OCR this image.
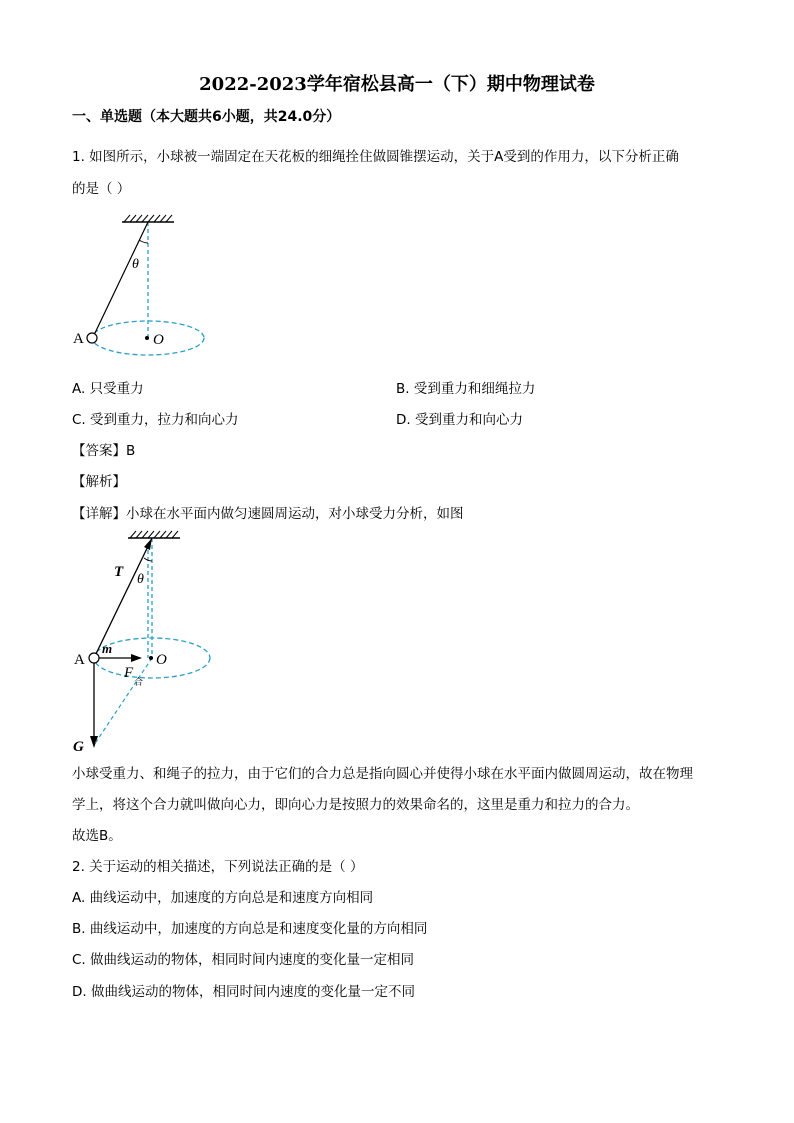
2022-2023学年宿松县高一（下）期中物理试卷
一、单选题（本大题共6小题，共24.0分）
1. 如图所示，小球被一端固定在天花板的细绳拴住做圆锥摆运动，关于A受到的作用力，以下分析正确
的是（ ）
θ
A	O
A. 只受重力	B. 受到重力和细绳拉力
C. 受到重力，拉力和向心力	D. 受到重力和向心力
【答案】B
【解析】
【详解】小球在水平面内做匀速圆周运动，对小球受力分析，如图
T θ
A
m
O
F
合
G
小球受重力、和绳子的拉力，由于它们的合力总是指向圆心并使得小球在水平面内做圆周运动，故在物理
学上，将这个合力就叫做向心力，即向心力是按照力的效果命名的，这里是重力和拉力的合力。
故选B。
2. 关于运动的相关描述，下列说法正确的是（ ）
A. 曲线运动中，加速度的方向总是和速度方向相同
B. 曲线运动中，加速度的方向总是和速度变化量的方向相同
C. 做曲线运动的物体，相同时间内速度的变化量一定相同
D. 做曲线运动的物体，相同时间内速度的变化量一定不同
